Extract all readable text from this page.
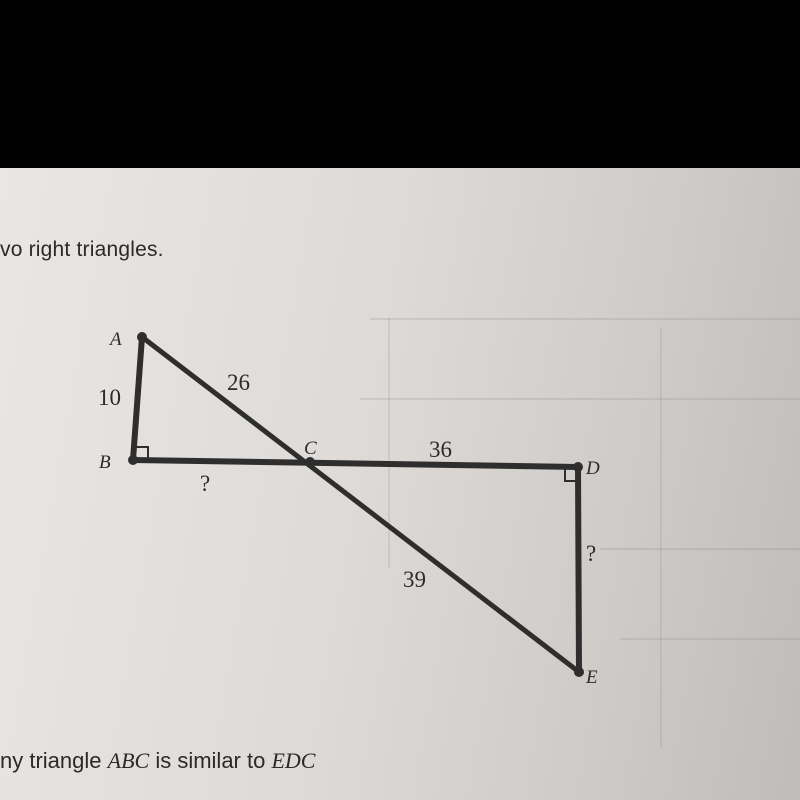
vo right triangles.
A
B
C
D
E
10
26
?
36
39
?
ny triangle ABC is similar to EDC
